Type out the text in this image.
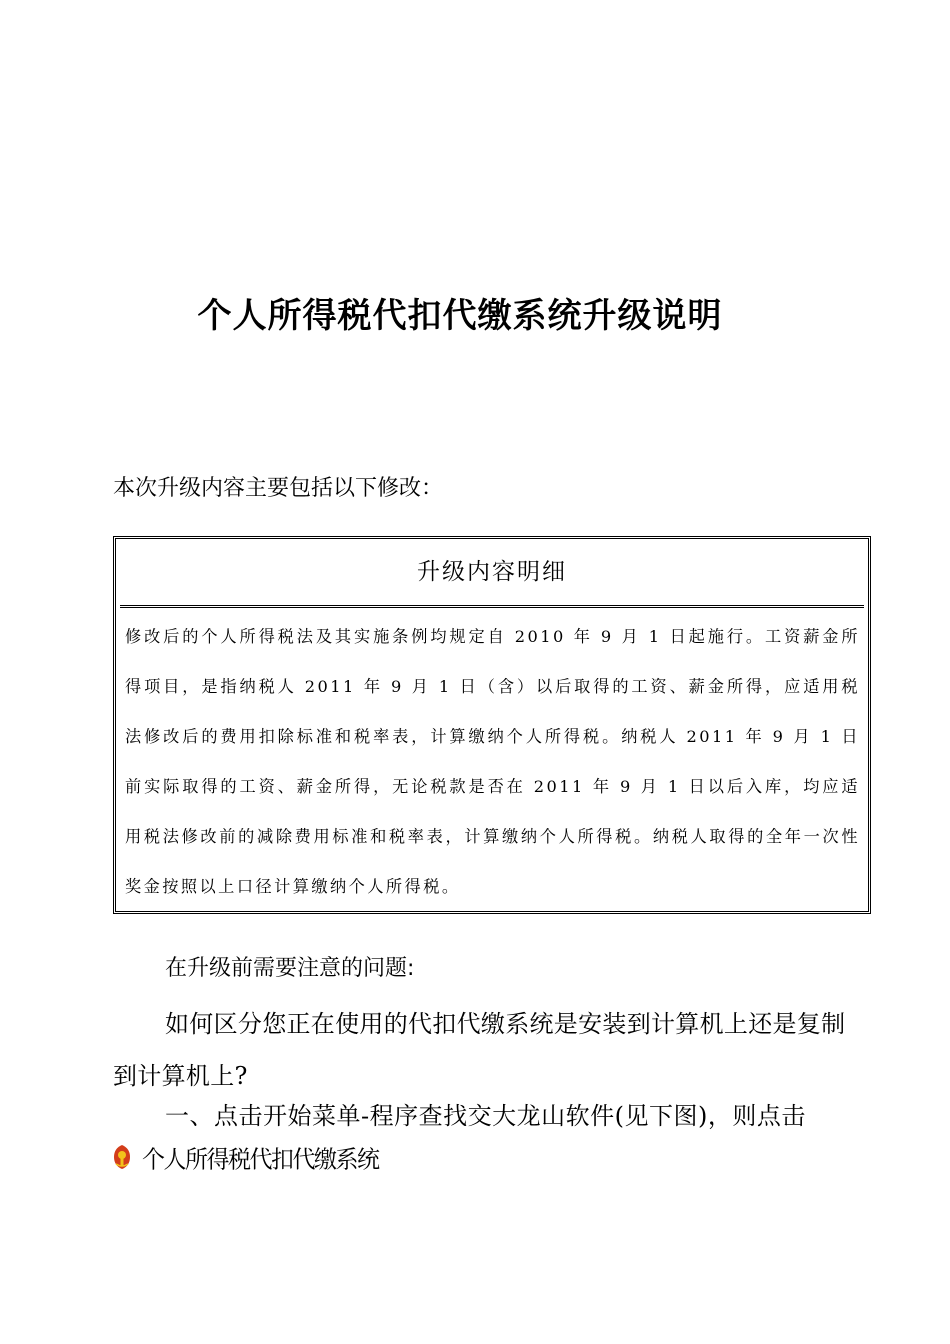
个人所得税代扣代缴系统升级说明

本次升级内容主要包括以下修改：

升级内容明细

修改后的个人所得税法及其实施条例均规定自 2010 年 9 月 1 日起施行。工资薪金所得项目，是指纳税人 2011 年 9 月 1 日（含）以后取得的工资、薪金所得，应适用税法修改后的费用扣除标准和税率表，计算缴纳个人所得税。纳税人 2011 年 9 月 1 日前实际取得的工资、薪金所得，无论税款是否在 2011 年 9 月 1 日以后入库，均应适用税法修改前的减除费用标准和税率表，计算缴纳个人所得税。纳税人取得的全年一次性奖金按照以上口径计算缴纳个人所得税。

在升级前需要注意的问题:

如何区分您正在使用的代扣代缴系统是安装到计算机上还是复制到计算机上?

一、点击开始菜单-程序查找交大龙山软件(见下图)，则点击

个人所得税代扣代缴系统
